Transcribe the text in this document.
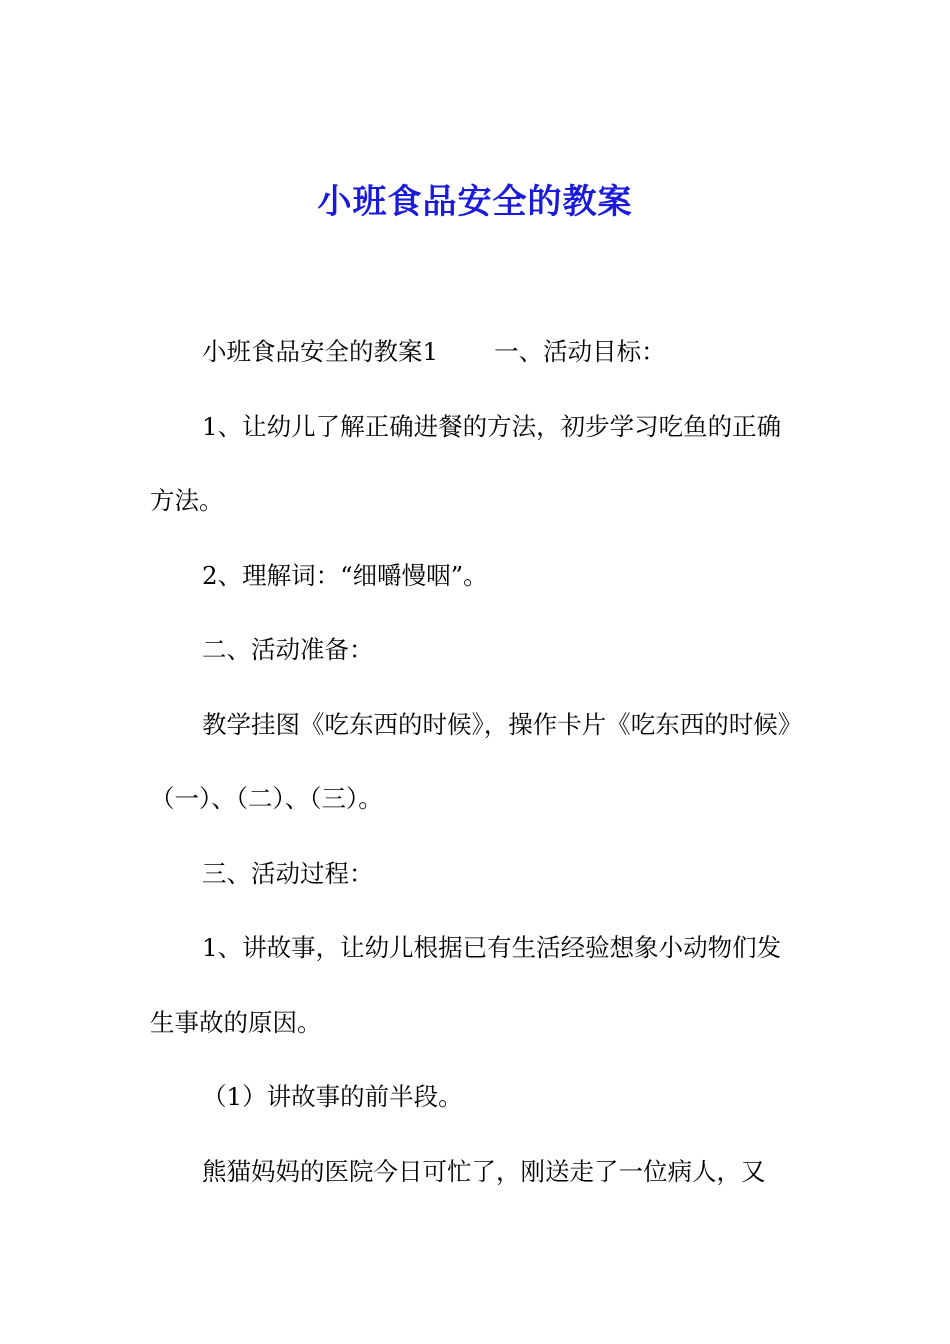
小班食品安全的教案

小班食品安全的教案1 一、活动目标：

1、让幼儿了解正确进餐的方法，初步学习吃鱼的正确方法。

2、理解词：“细嚼慢咽”。

二、活动准备：

教学挂图《吃东西的时候》，操作卡片《吃东西的时候》（一）、（二）、（三）。

三、活动过程：

1、讲故事，让幼儿根据已有生活经验想象小动物们发生事故的原因。

（1）讲故事的前半段。

熊猫妈妈的医院今日可忙了，刚送走了一位病人，又
